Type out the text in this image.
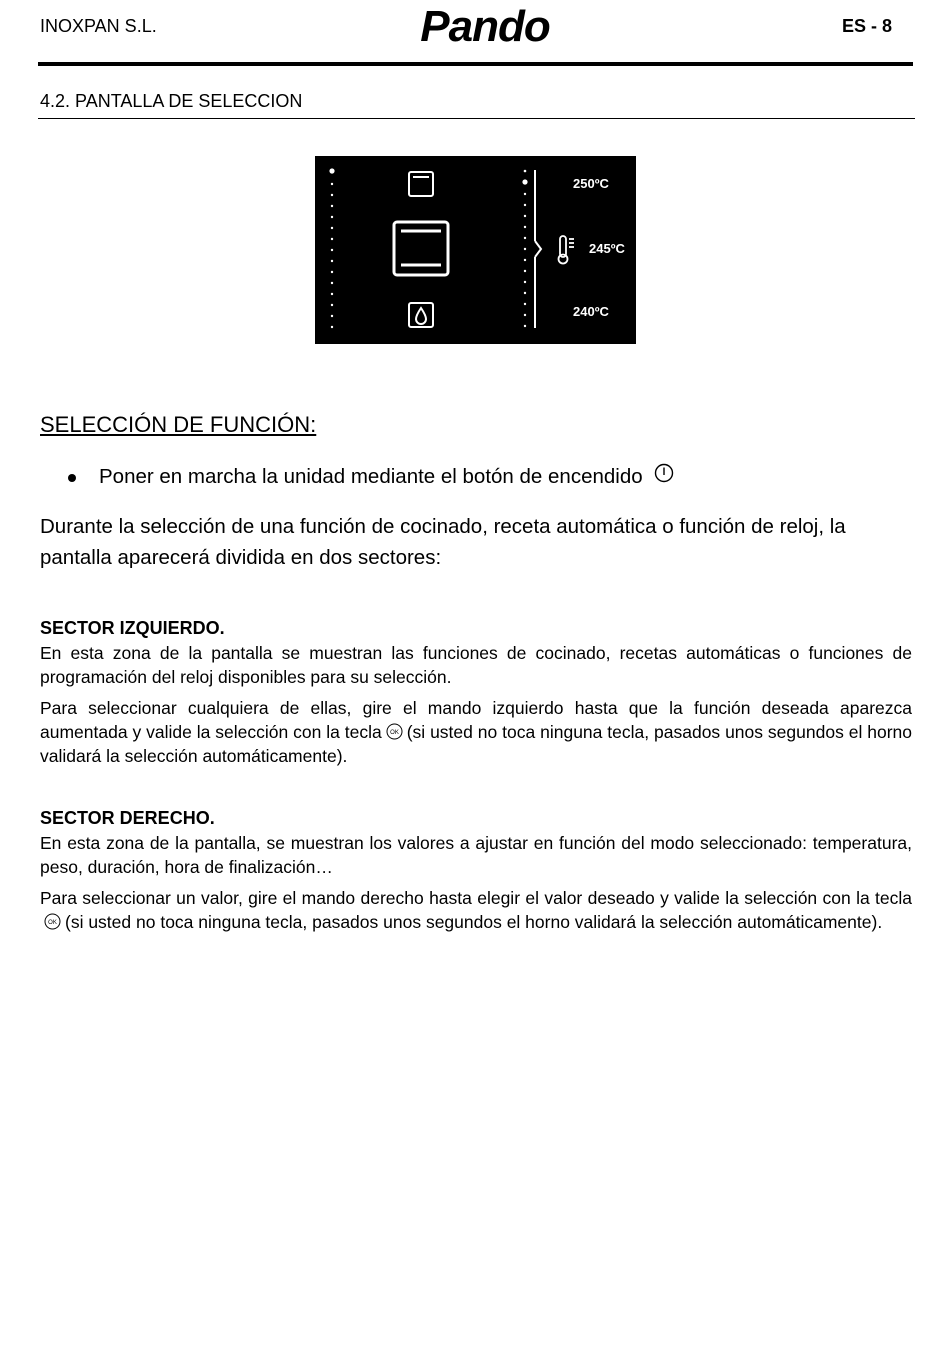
INOXPAN S.L.	Pando	ES - 8
4.2. PANTALLA DE SELECCION
250ºC
245ºC
240ºC
SELECCIÓN DE FUNCIÓN:
Poner en marcha la unidad mediante el botón de encendido
Durante la selección de una función de cocinado, receta automática o función de reloj, la pantalla aparecerá dividida en dos sectores:
SECTOR IZQUIERDO.
En esta zona de la pantalla se muestran las funciones de cocinado, recetas automáticas o funciones de programación del reloj disponibles para su selección.
Para seleccionar cualquiera de ellas, gire el mando izquierdo hasta que la función deseada aparezca aumentada y valide la selección con la tecla OK (si usted no toca ninguna tecla, pasados unos segundos el horno validará la selección automáticamente).
SECTOR DERECHO.
En esta zona de la pantalla, se muestran los valores a ajustar en función del modo seleccionado: temperatura, peso, duración, hora de finalización…
Para seleccionar un valor, gire el mando derecho hasta elegir el valor deseado y valide la selección con la tecla
OK (si usted no toca ninguna tecla, pasados unos segundos el horno validará la selección automáticamente).
